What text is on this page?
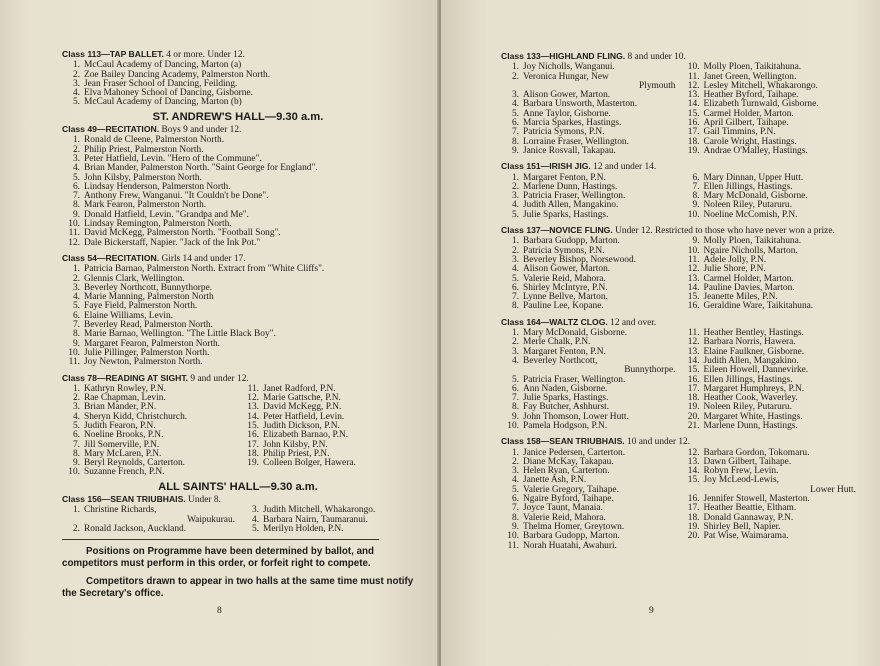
Class 113—TAP BALLET. 4 or more. Under 12.
1. McCaul Academy of Dancing, Marton (a)
2. Zoe Bailey Dancing Academy, Palmerston North.
3. Jean Fraser School of Dancing, Feilding.
4. Elva Mahoney School of Dancing, Gisborne.
5. McCaul Academy of Dancing, Marton (b)
ST. ANDREW'S HALL—9.30 a.m.
Class 49—RECITATION. Boys 9 and under 12.
1. Ronald de Cleene, Palmerston North.
2. Philip Priest, Palmerston North.
3. Peter Hatfield, Levin. "Hero of the Commune".
4. Brian Mander, Palmerston North. "Saint George for England".
5. John Kilsby, Palmerston North.
6. Lindsay Henderson, Palmerston North.
7. Anthony Frew, Wanganui. "It Couldn't be Done".
8. Mark Fearon, Palmerston North.
9. Donald Hatfield, Levin. "Grandpa and Me".
10. Lindsay Remington, Palmerston North.
11. David McKegg, Palmerston North. "Football Song".
12. Dale Bickerstaff, Napier. "Jack of the Ink Pot."
Class 54—RECITATION. Girls 14 and under 17.
1. Patricia Barnao, Palmerston North. Extract from "White Cliffs".
2. Glennis Clark, Wellington.
3. Beverley Northcott, Bunnythorpe.
4. Marie Manning, Palmerston North
5. Faye Field, Palmerston North.
6. Elaine Williams, Levin.
7. Beverley Read, Palmerston North.
8. Marie Barnao, Wellington. "The Little Black Boy".
9. Margaret Fearon, Palmerston North.
10. Julie Pillinger, Palmerston North.
11. Joy Newton, Palmerston North.
Class 78—READING AT SIGHT. 9 and under 12.
1. Kathryn Rowley, P.N.
2. Rae Chapman, Levin.
3. Brian Mander, P.N.
4. Sheryn Kidd, Christchurch.
5. Judith Fearon, P.N.
6. Noeline Brooks, P.N.
7. Jill Somerville, P.N.
8. Mary McLaren, P.N.
9. Beryl Reynolds, Carterton.
10. Suzanne French, P.N.
11. Janet Radford, P.N.
12. Marie Gattsche, P.N.
13. David McKegg, P.N.
14. Peter Hatfield, Levin.
15. Judith Dickson, P.N.
16. Elizabeth Barnao, P.N.
17. John Kilsby, P.N.
18. Philip Priest, P.N.
19. Colleen Bolger, Hawera.
ALL SAINTS' HALL—9.30 a.m.
Class 156—SEAN TRIUBHAIS. Under 8.
1. Christine Richards,
Waipukurau.
2. Ronald Jackson, Auckland.
3. Judith Mitchell, Whakarongo.
4. Barbara Nairn, Taumaranui.
5. Merilyn Holden, P.N.

Positions on Programme have been determined by ballot, and competitors must perform in this order, or forfeit right to compete.

Competitors drawn to appear in two halls at the same time must notify the Secretary's office.

8
Class 133—HIGHLAND FLING. 8 and under 10.
1. Joy Nicholls, Wanganui.
2. Veronica Hungar, New
Plymouth
3. Alison Gower, Marton.
4. Barbara Unsworth, Masterton.
5. Anne Taylor, Gisborne.
6. Marcia Sparkes, Hastings.
7. Patricia Symons, P.N.
8. Lorraine Fraser, Wellington.
9. Janice Rosvall, Takapau.
10. Molly Ploen, Taikitahuna.
11. Janet Green, Wellington.
12. Lesley Mitchell, Whakarongo.
13. Heather Byford, Taihape.
14. Elizabeth Turnwald, Gisborne.
15. Carmel Holder, Marton.
16. April Gilbert, Taihape.
17. Gail Timmins, P.N.
18. Carole Wright, Hastings.
19. Andrae O'Malley, Hastings.
Class 151—IRISH JIG. 12 and under 14.
1. Margaret Fenton, P.N.
2. Marlene Dunn, Hastings.
3. Patricia Fraser, Wellington.
4. Judith Allen, Mangakino.
5. Julie Sparks, Hastings.
6. Mary Dinnan, Upper Hutt.
7. Ellen Jillings, Hastings.
8. Mary McDonald, Gisborne.
9. Noleen Riley, Putaruru.
10. Noeline McComish, P.N.
Class 137—NOVICE FLING. Under 12. Restricted to those who have never won a prize.
1. Barbara Gudopp, Marton.
2. Patricia Symons, P.N.
3. Beverley Bishop, Norsewood.
4. Alison Gower, Marton.
5. Valerie Reid, Mahora.
6. Shirley McIntyre, P.N.
7. Lynne Bellve, Marton.
8. Pauline Lee, Kopane.
9. Molly Ploen, Taikitahuna.
10. Ngaire Nicholls, Marton.
11. Adele Jolly, P.N.
12. Julie Shore, P.N.
13. Carmel Holder, Marton.
14. Pauline Davies, Marton.
15. Jeanette Miles, P.N.
16. Geraldine Ware, Taikitahuna.
Class 164—WALTZ CLOG. 12 and over.
1. Mary McDonald, Gisborne.
2. Merle Chalk, P.N.
3. Margaret Fenton, P.N.
4. Beverley Northcott,
Bunnythorpe.
5. Patricia Fraser, Wellington.
6. Ann Naden, Gisborne.
7. Julie Sparks, Hastings.
8. Fay Butcher, Ashhurst.
9. John Thomson, Lower Hutt.
10. Pamela Hodgson, P.N.
11. Heather Bentley, Hastings.
12. Barbara Norris, Hawera.
13. Elaine Faulkner, Gisborne.
14. Judith Allen, Mangakino.
15. Eileen Howell, Dannevirke.
16. Ellen Jillings, Hastings.
17. Margaret Humphreys, P.N.
18. Heather Cook, Waverley.
19. Noleen Riley, Putaruru.
20. Margaret White, Hastings.
21. Marlene Dunn, Hastings.
Class 158—SEAN TRIUBHAIS. 10 and under 12.
1. Janice Pedersen, Carterton.
2. Diane McKay, Takapau.
3. Helen Ryan, Carterton.
4. Janette Ash, P.N.
5. Valerie Gregory, Taihape.
6. Ngaire Byford, Taihape.
7. Joyce Taunt, Manaia.
8. Valerie Reid, Mahora.
9. Thelma Homer, Greytown.
10. Barbara Gudopp, Marton.
11. Norah Huatahi, Awahuri.
12. Barbara Gordon, Tokomaru.
13. Dawn Gilbert, Taihape.
14. Robyn Frew, Levin.
15. Joy McLeod-Lewis,
Lower Hutt.
16. Jennifer Stowell, Masterton.
17. Heather Beattie, Eltham.
18. Donald Gannaway, P.N.
19. Shirley Bell, Napier.
20. Pat Wise, Waimarama.
9
